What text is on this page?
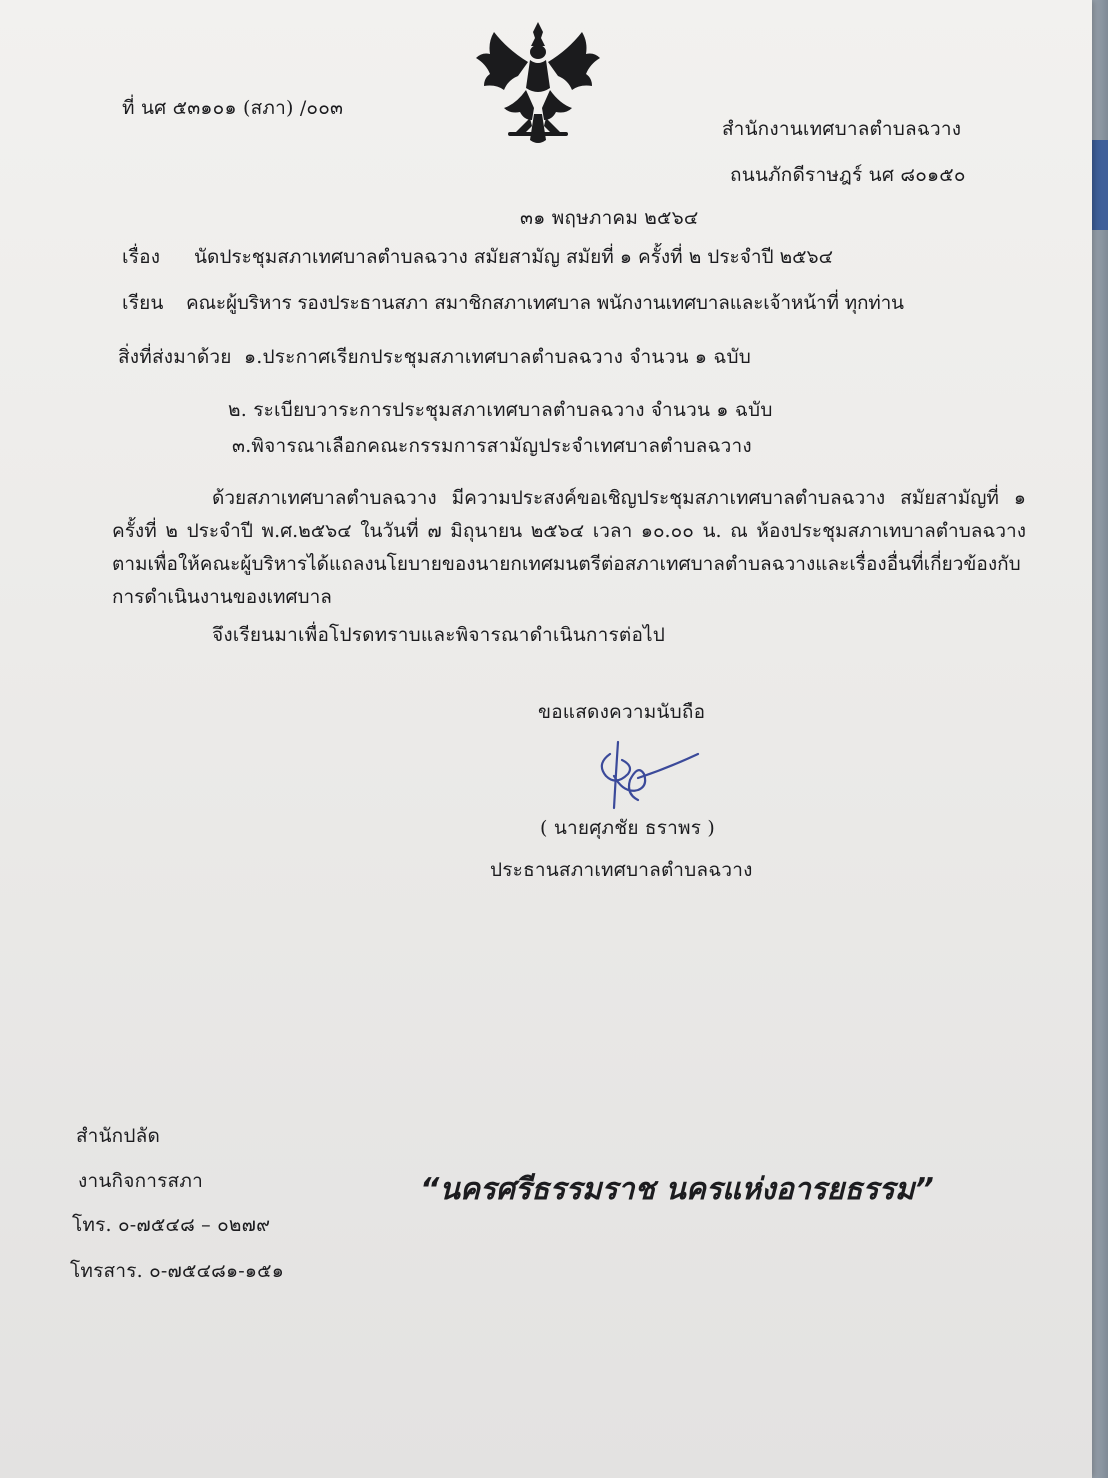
ที่ นศ ๕๓๑๐๑ (สภา) /๐๐๓
สำนักงานเทศบาลตำบลฉวาง
ถนนภักดีราษฎร์ นศ ๘๐๑๕๐
๓๑ พฤษภาคม ๒๕๖๔
เรื่อง นัดประชุมสภาเทศบาลตำบลฉวาง สมัยสามัญ สมัยที่ ๑ ครั้งที่ ๒ ประจำปี ๒๕๖๔
เรียน คณะผู้บริหาร รองประธานสภา สมาชิกสภาเทศบาล พนักงานเทศบาลและเจ้าหน้าที่ ทุกท่าน
สิ่งที่ส่งมาด้วย ๑.ประกาศเรียกประชุมสภาเทศบาลตำบลฉวาง จำนวน ๑ ฉบับ
๒. ระเบียบวาระการประชุมสภาเทศบาลตำบลฉวาง จำนวน ๑ ฉบับ
๓.พิจารณาเลือกคณะกรรมการสามัญประจำเทศบาลตำบลฉวาง
ด้วยสภาเทศบาลตำบลฉวาง มีความประสงค์ขอเชิญประชุมสภาเทศบาลตำบลฉวาง สมัยสามัญที่ ๑ ครั้งที่ ๒ ประจำปี พ.ศ.๒๕๖๔ ในวันที่ ๗ มิถุนายน ๒๕๖๔ เวลา ๑๐.๐๐ น. ณ ห้องประชุมสภาเทบาลตำบลฉวาง ตามเพื่อให้คณะผู้บริหารได้แถลงนโยบายของนายกเทศมนตรีต่อสภาเทศบาลตำบลฉวางและเรื่องอื่นที่เกี่ยวข้องกับการดำเนินงานของเทศบาล
จึงเรียนมาเพื่อโปรดทราบและพิจารณาดำเนินการต่อไป
ขอแสดงความนับถือ
( นายศุภชัย ธราพร )
ประธานสภาเทศบาลตำบลฉวาง
สำนักปลัด
งานกิจการสภา
โทร. ๐-๗๕๔๘ – ๐๒๗๙
โทรสาร. ๐-๗๕๔๘๑-๑๕๑
“นครศรีธรรมราช นครแห่งอารยธรรม”
